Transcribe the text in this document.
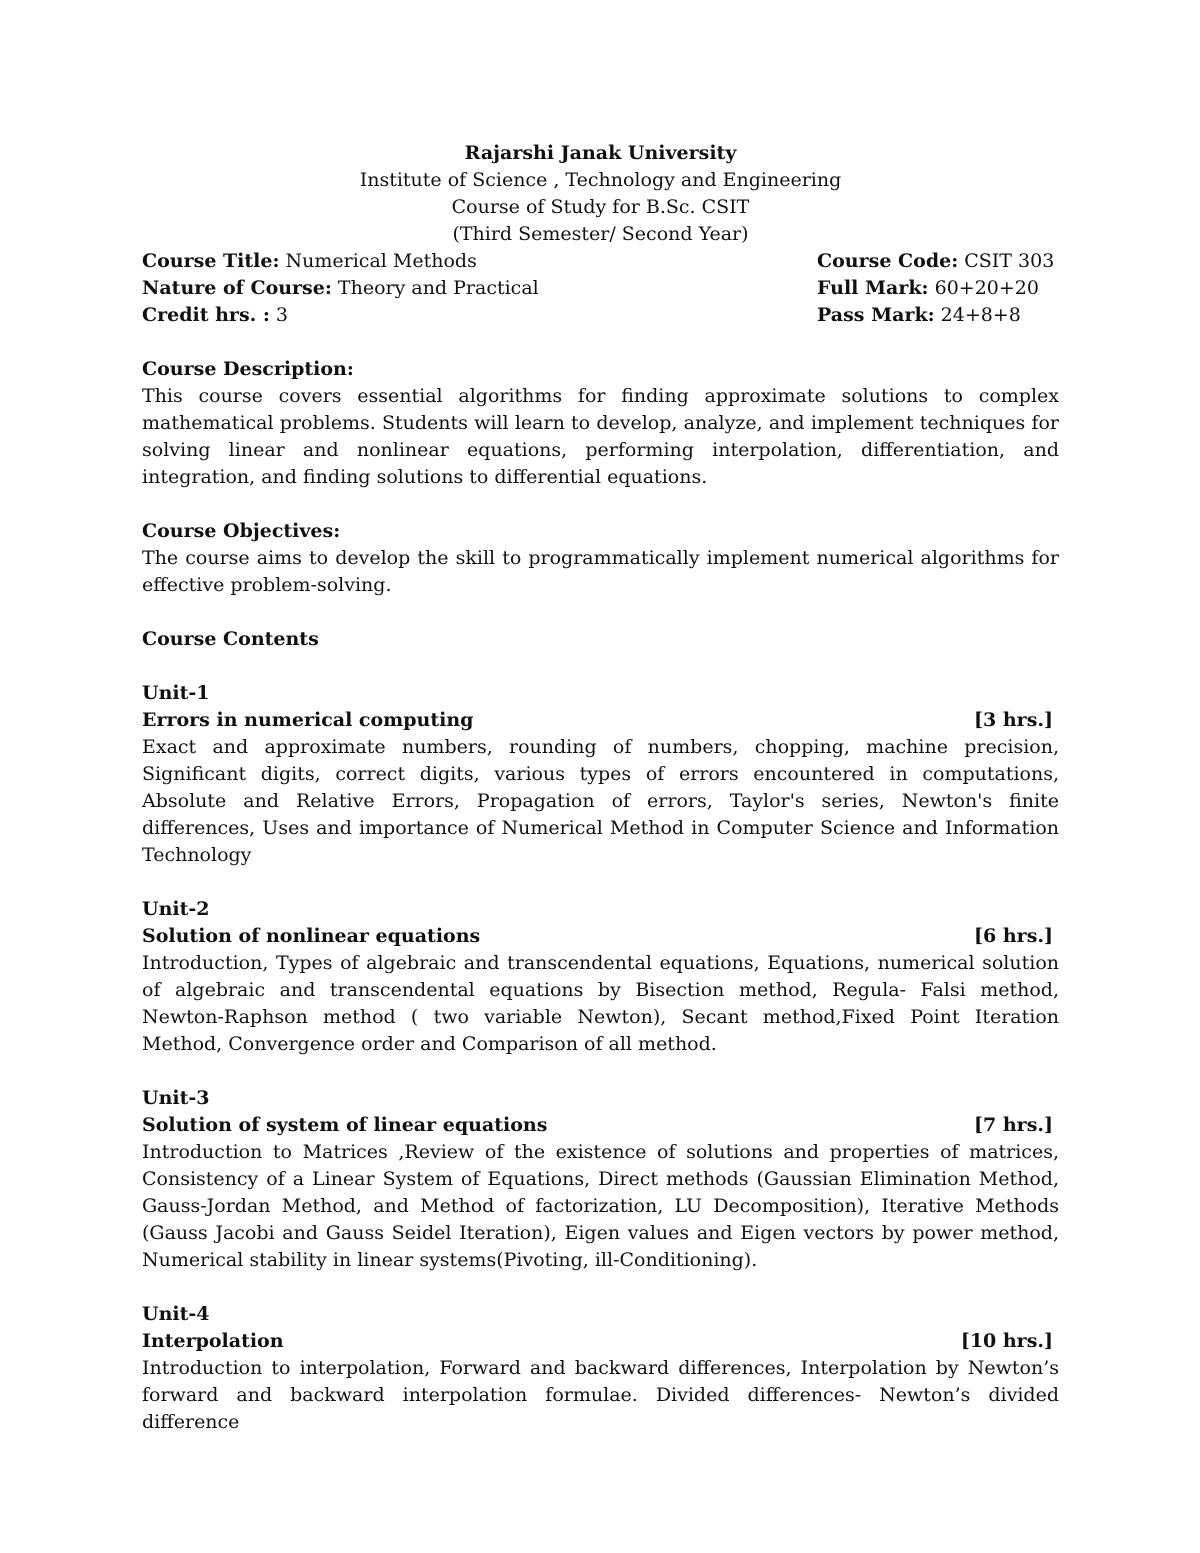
Rajarshi Janak University
Institute of Science , Technology and Engineering
Course of Study for B.Sc. CSIT
(Third Semester/ Second Year)
Course Title: Numerical Methods	Course Code: CSIT 303
Nature of Course: Theory and Practical	Full Mark: 60+20+20
Credit hrs. : 3	Pass Mark: 24+8+8
Course Description:
This course covers essential algorithms for finding approximate solutions to complex mathematical problems. Students will learn to develop, analyze, and implement techniques for solving linear and nonlinear equations, performing interpolation, differentiation, and integration, and finding solutions to differential equations.
Course Objectives:
The course aims to develop the skill to programmatically implement numerical algorithms for effective problem-solving.
Course Contents
Unit-1
Errors in numerical computing	[3 hrs.]
Exact and approximate numbers, rounding of numbers, chopping, machine precision, Significant digits, correct digits, various types of errors encountered in computations, Absolute and Relative Errors, Propagation of errors, Taylor's series, Newton's finite differences, Uses and importance of Numerical Method in Computer Science and Information Technology
Unit-2
Solution of nonlinear equations	[6 hrs.]
Introduction, Types of algebraic and transcendental equations, Equations, numerical solution of algebraic and transcendental equations by Bisection method, Regula- Falsi method, Newton-Raphson method ( two variable Newton), Secant method,Fixed Point Iteration Method, Convergence order and Comparison of all method.
Unit-3
Solution of system of linear equations	[7 hrs.]
Introduction to Matrices ,Review of the existence of solutions and properties of matrices, Consistency of a Linear System of Equations, Direct methods (Gaussian Elimination Method, Gauss-Jordan Method, and Method of factorization, LU Decomposition), Iterative Methods (Gauss Jacobi and Gauss Seidel Iteration), Eigen values and Eigen vectors by power method, Numerical stability in linear systems(Pivoting, ill-Conditioning).
Unit-4
Interpolation	[10 hrs.]
Introduction to interpolation, Forward and backward differences, Interpolation by Newton’s forward and backward interpolation formulae. Divided differences- Newton’s divided difference
